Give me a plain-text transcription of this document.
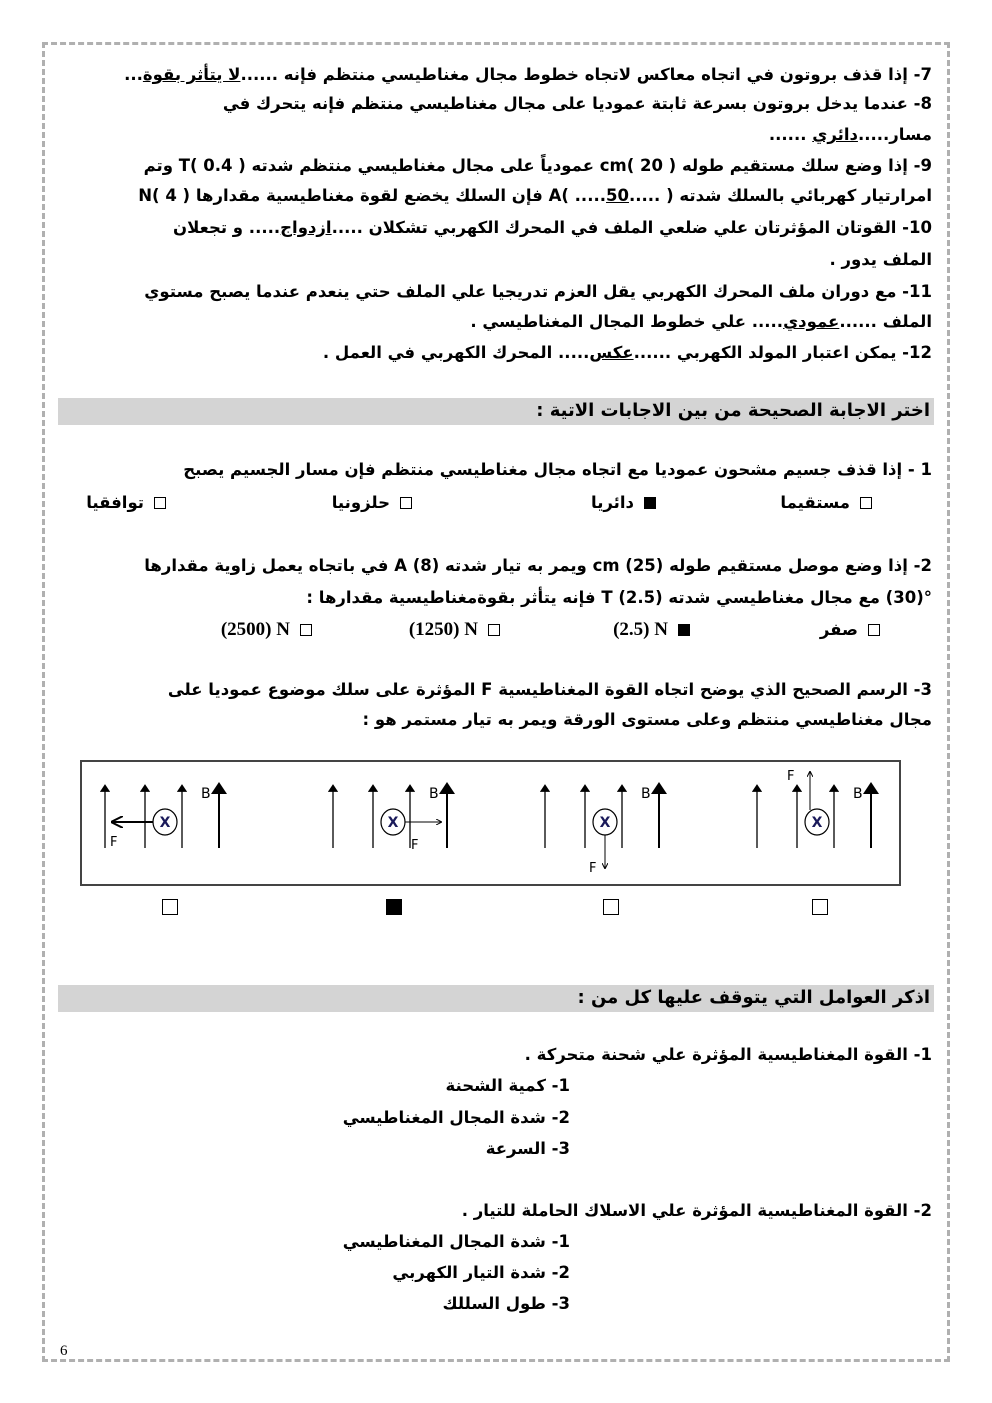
7- إذا قذف بروتون في اتجاه معاكس لاتجاه خطوط مجال مغناطيسي منتظم فإنه ......لا يتأثر بقوة...
8- عندما يدخل بروتون بسرعة ثابتة عموديا على مجال مغناطيسي منتظم فإنه يتحرك في
مسار.....دائري ......
9- إذا وضع سلك مستقيم طوله cm( 20 ) عمودياً على مجال مغناطيسي منتظم شدته T( 0.4 ) وتم
امرارتيار كهربائي بالسلك شدته A( .....50..... ) فإن السلك يخضع لقوة مغناطيسية مقدارها N( 4 )
10- القوتان المؤثرتان علي ضلعي الملف في المحرك الكهربي تشكلان .....ازدواج..... و تجعلان
الملف يدور .
11- مع دوران ملف المحرك الكهربي يقل العزم تدريجيا علي الملف حتي ينعدم عندما يصبح مستوي
الملف ......عمودي..... علي خطوط المجال المغناطيسي .
12- يمكن اعتبار المولد الكهربي ......عكس..... المحرك الكهربي في العمل .
اختر الاجابة الصحيحة من بين الاجابات الاتية :
1 - إذا قذف جسيم مشحون عموديا مع اتجاه مجال مغناطيسي منتظم فإن مسار الجسيم يصبح
مستقيما
دائريا
حلزونيا
توافقيا
2- إذا وضع موصل مستقيم طوله cm (25) ويمر به تيار شدته A (8) في باتجاه يعمل زاوية مقدارها
°(30) مع مجال مغناطيسي شدته T (2.5) فإنه يتأثر بقوةمغناطيسية مقدارها :
صفر
(2.5) N
(1250) N
(2500) N
3- الرسم الصحيح الذي يوضح اتجاه القوة المغناطيسية F المؤثرة على سلك موضوع عموديا على
مجال مغناطيسي منتظم وعلى مستوى الورقة ويمر به تيار مستمر هو :
B
X
F
B
X
F
B
X
F
B
X
F
اذكر العوامل التي يتوقف عليها كل من :
1- القوة المغناطيسية المؤثرة علي شحنة متحركة .
1- كمية الشحنة
2- شدة المجال المغناطيسي
3- السرعة
2- القوة المغناطيسية المؤثرة علي الاسلاك الحاملة للتيار .
1- شدة المجال المغناطيسي
2- شدة التيار الكهربي
3- طول السللك
6
